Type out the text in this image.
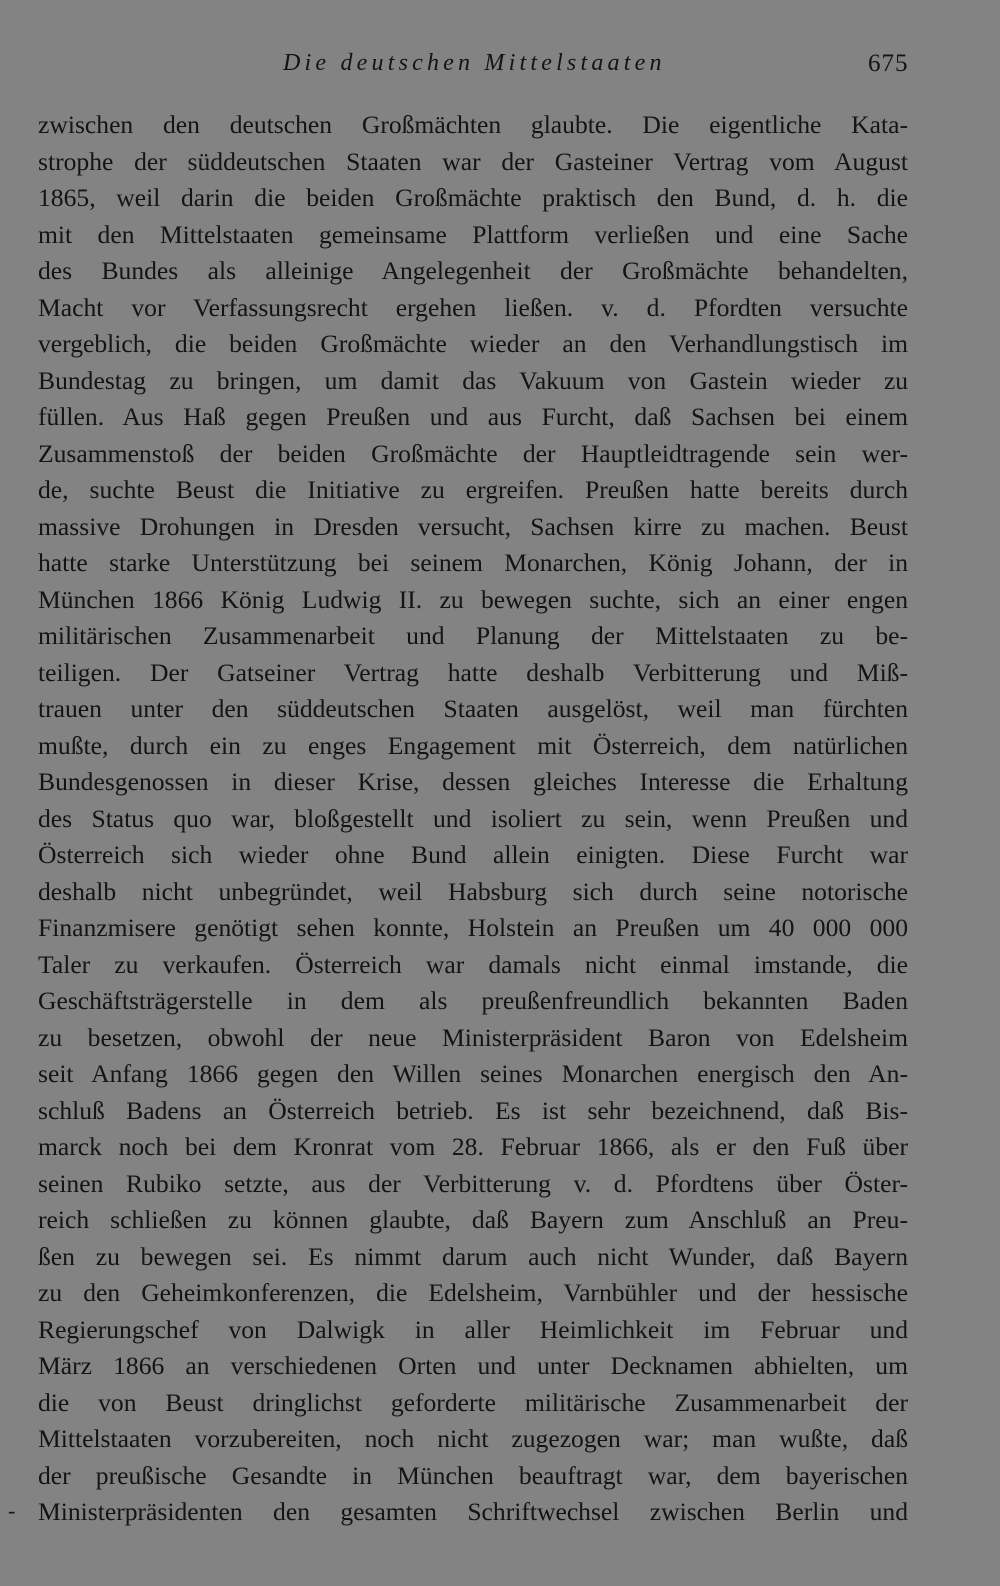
Die deutschen Mittelstaaten	675
zwischen den deutschen Großmächten glaubte. Die eigentliche Kata-
strophe der süddeutschen Staaten war der Gasteiner Vertrag vom August
1865, weil darin die beiden Großmächte praktisch den Bund, d. h. die
mit den Mittelstaaten gemeinsame Plattform verließen und eine Sache
des Bundes als alleinige Angelegenheit der Großmächte behandelten,
Macht vor Verfassungsrecht ergehen ließen. v. d. Pfordten versuchte
vergeblich, die beiden Großmächte wieder an den Verhandlungstisch im
Bundestag zu bringen, um damit das Vakuum von Gastein wieder zu
füllen. Aus Haß gegen Preußen und aus Furcht, daß Sachsen bei einem
Zusammenstoß der beiden Großmächte der Hauptleidtragende sein wer-
de, suchte Beust die Initiative zu ergreifen. Preußen hatte bereits durch
massive Drohungen in Dresden versucht, Sachsen kirre zu machen. Beust
hatte starke Unterstützung bei seinem Monarchen, König Johann, der in
München 1866 König Ludwig II. zu bewegen suchte, sich an einer engen
militärischen Zusammenarbeit und Planung der Mittelstaaten zu be-
teiligen. Der Gatseiner Vertrag hatte deshalb Verbitterung und Miß-
trauen unter den süddeutschen Staaten ausgelöst, weil man fürchten
mußte, durch ein zu enges Engagement mit Österreich, dem natürlichen
Bundesgenossen in dieser Krise, dessen gleiches Interesse die Erhaltung
des Status quo war, bloßgestellt und isoliert zu sein, wenn Preußen und
Österreich sich wieder ohne Bund allein einigten. Diese Furcht war
deshalb nicht unbegründet, weil Habsburg sich durch seine notorische
Finanzmisere genötigt sehen konnte, Holstein an Preußen um 40 000 000
Taler zu verkaufen. Österreich war damals nicht einmal imstande, die
Geschäftsträgerstelle in dem als preußenfreundlich bekannten Baden
zu besetzen, obwohl der neue Ministerpräsident Baron von Edelsheim
seit Anfang 1866 gegen den Willen seines Monarchen energisch den An-
schluß Badens an Österreich betrieb. Es ist sehr bezeichnend, daß Bis-
marck noch bei dem Kronrat vom 28. Februar 1866, als er den Fuß über
seinen Rubiko setzte, aus der Verbitterung v. d. Pfordtens über Öster-
reich schließen zu können glaubte, daß Bayern zum Anschluß an Preu-
ßen zu bewegen sei. Es nimmt darum auch nicht Wunder, daß Bayern
zu den Geheimkonferenzen, die Edelsheim, Varnbühler und der hessische
Regierungschef von Dalwigk in aller Heimlichkeit im Februar und
März 1866 an verschiedenen Orten und unter Decknamen abhielten, um
die von Beust dringlichst geforderte militärische Zusammenarbeit der
Mittelstaaten vorzubereiten, noch nicht zugezogen war; man wußte, daß
der preußische Gesandte in München beauftragt war, dem bayerischen
Ministerpräsidenten den gesamten Schriftwechsel zwischen Berlin und
-
